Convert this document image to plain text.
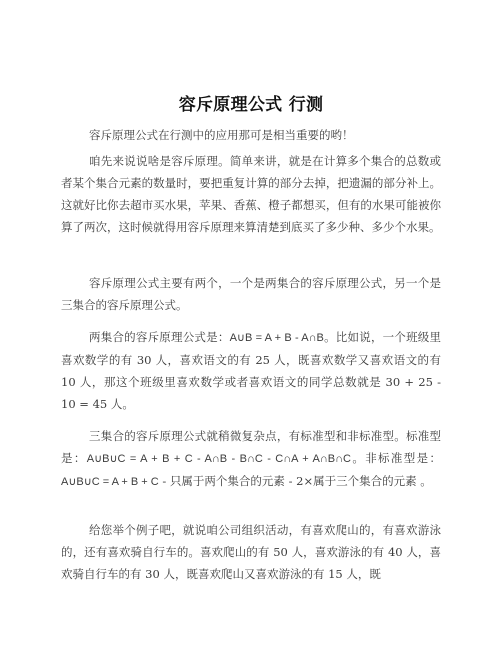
容斥原理公式 行测

容斥原理公式在行测中的应用那可是相当重要的哟！

咱先来说说啥是容斥原理。简单来讲，就是在计算多个集合的总数或者某个集合元素的数量时，要把重复计算的部分去掉，把遗漏的部分补上。这就好比你去超市买水果，苹果、香蕉、橙子都想买，但有的水果可能被你算了两次，这时候就得用容斥原理来算清楚到底买了多少种、多少个水果。

容斥原理公式主要有两个，一个是两集合的容斥原理公式，另一个是三集合的容斥原理公式。

两集合的容斥原理公式是：A∪B = A + B - A∩B。比如说，一个班级里喜欢数学的有 30 人，喜欢语文的有 25 人，既喜欢数学又喜欢语文的有 10 人，那这个班级里喜欢数学或者喜欢语文的同学总数就是 30 + 25 - 10 = 45 人。

三集合的容斥原理公式就稍微复杂点，有标准型和非标准型。标准型是：A∪B∪C = A + B + C - A∩B - B∩C - C∩A + A∩B∩C。非标准型是：A∪B∪C = A + B + C - 只属于两个集合的元素 - 2×属于三个集合的元素 。

给您举个例子吧，就说咱公司组织活动，有喜欢爬山的，有喜欢游泳的，还有喜欢骑自行车的。喜欢爬山的有 50 人，喜欢游泳的有 40 人，喜欢骑自行车的有 30 人，既喜欢爬山又喜欢游泳的有 15 人，既
